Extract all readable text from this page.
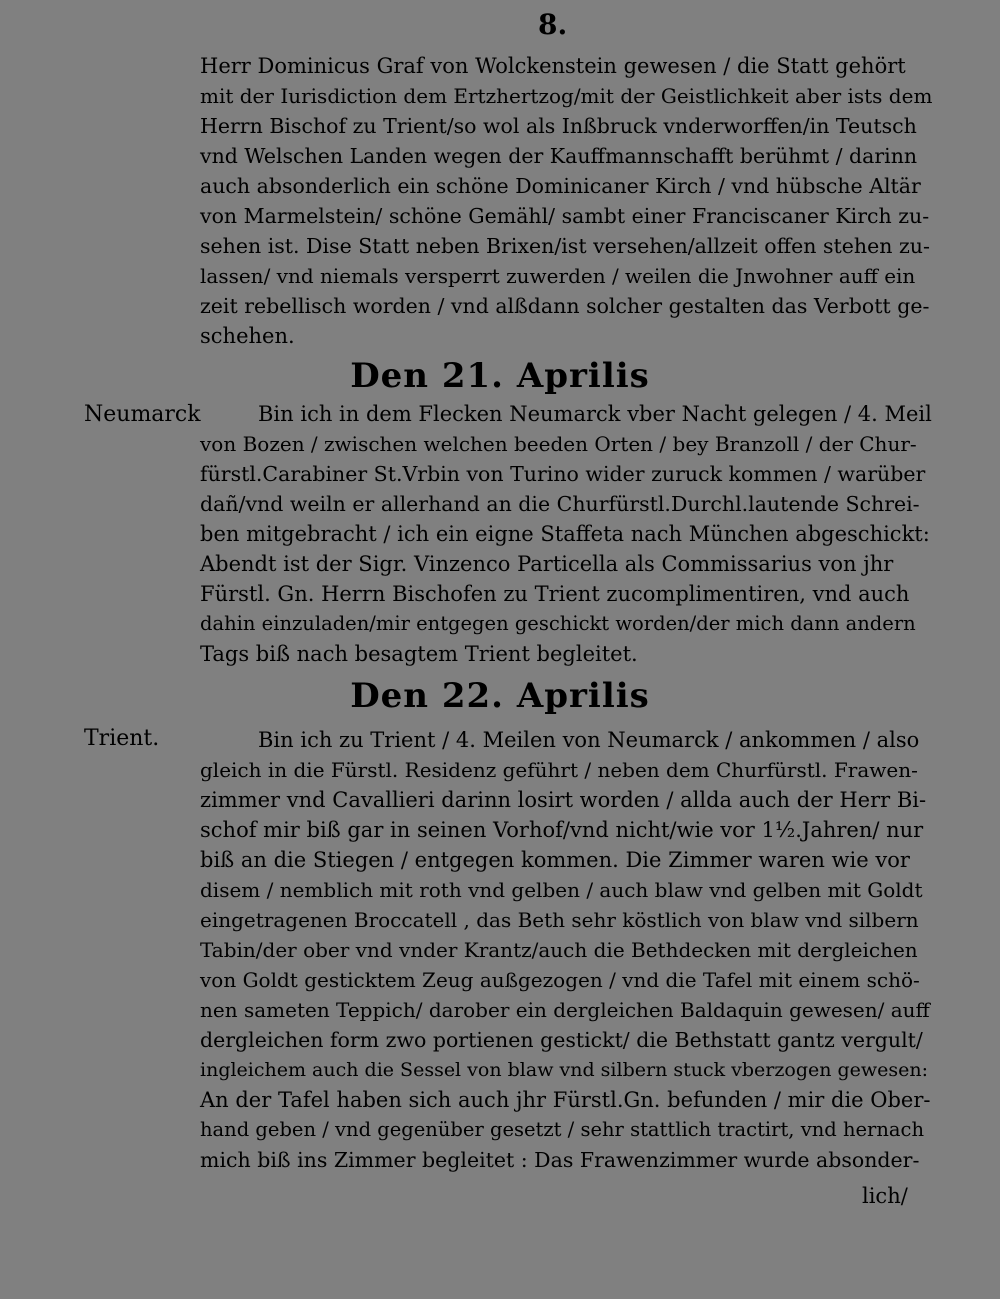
8.
Herr Dominicus Graf von Wolckenstein gewesen / die Statt gehört
mit der Iurisdiction dem Ertzhertzog/mit der Geistlichkeit aber ists dem
Herrn Bischof zu Trient/so wol als Inßbruck vnderworffen/in Teutsch
vnd Welschen Landen wegen der Kauffmannschafft berühmt / darinn
auch absonderlich ein schöne Dominicaner Kirch / vnd hübsche Altär
von Marmelstein/ schöne Gemähl/ sambt einer Franciscaner Kirch zu-
sehen ist. Dise Statt neben Brixen/ist versehen/allzeit offen stehen zu-
lassen/ vnd niemals versperrt zuwerden / weilen die Jnwohner auff ein
zeit rebellisch worden / vnd alßdann solcher gestalten das Verbott ge-
schehen.
Den 21. Aprilis
Neumarck	Bin ich in dem Flecken Neumarck vber Nacht gelegen / 4. Meil
von Bozen / zwischen welchen beeden Orten / bey Branzoll / der Chur-
fürstl.Carabiner St.Vrbin von Turino wider zuruck kommen / warüber
dañ/vnd weiln er allerhand an die Churfürstl.Durchl.lautende Schrei-
ben mitgebracht / ich ein eigne Staffeta nach München abgeschickt:
Abendt ist der Sigr. Vinzenco Particella als Commissarius von jhr
Fürstl. Gn. Herrn Bischofen zu Trient zucomplimentiren, vnd auch
dahin einzuladen/mir entgegen geschickt worden/der mich dann andern
Tags biß nach besagtem Trient begleitet.
Den 22. Aprilis
Trient.	Bin ich zu Trient / 4. Meilen von Neumarck / ankommen / also
gleich in die Fürstl. Residenz geführt / neben dem Churfürstl. Frawen-
zimmer vnd Cavallieri darinn losirt worden / allda auch der Herr Bi-
schof mir biß gar in seinen Vorhof/vnd nicht/wie vor 1½.Jahren/ nur
biß an die Stiegen / entgegen kommen. Die Zimmer waren wie vor
disem / nemblich mit roth vnd gelben / auch blaw vnd gelben mit Goldt
eingetragenen Broccatell , das Beth sehr köstlich von blaw vnd silbern
Tabin/der ober vnd vnder Krantz/auch die Bethdecken mit dergleichen
von Goldt gesticktem Zeug außgezogen / vnd die Tafel mit einem schö-
nen sameten Teppich/ darober ein dergleichen Baldaquin gewesen/ auff
dergleichen form zwo portienen gestickt/ die Bethstatt gantz vergult/
ingleichem auch die Sessel von blaw vnd silbern stuck vberzogen gewesen:
An der Tafel haben sich auch jhr Fürstl.Gn. befunden / mir die Ober-
hand geben / vnd gegenüber gesetzt / sehr stattlich tractirt, vnd hernach
mich biß ins Zimmer begleitet : Das Frawenzimmer wurde absonder-
lich/
